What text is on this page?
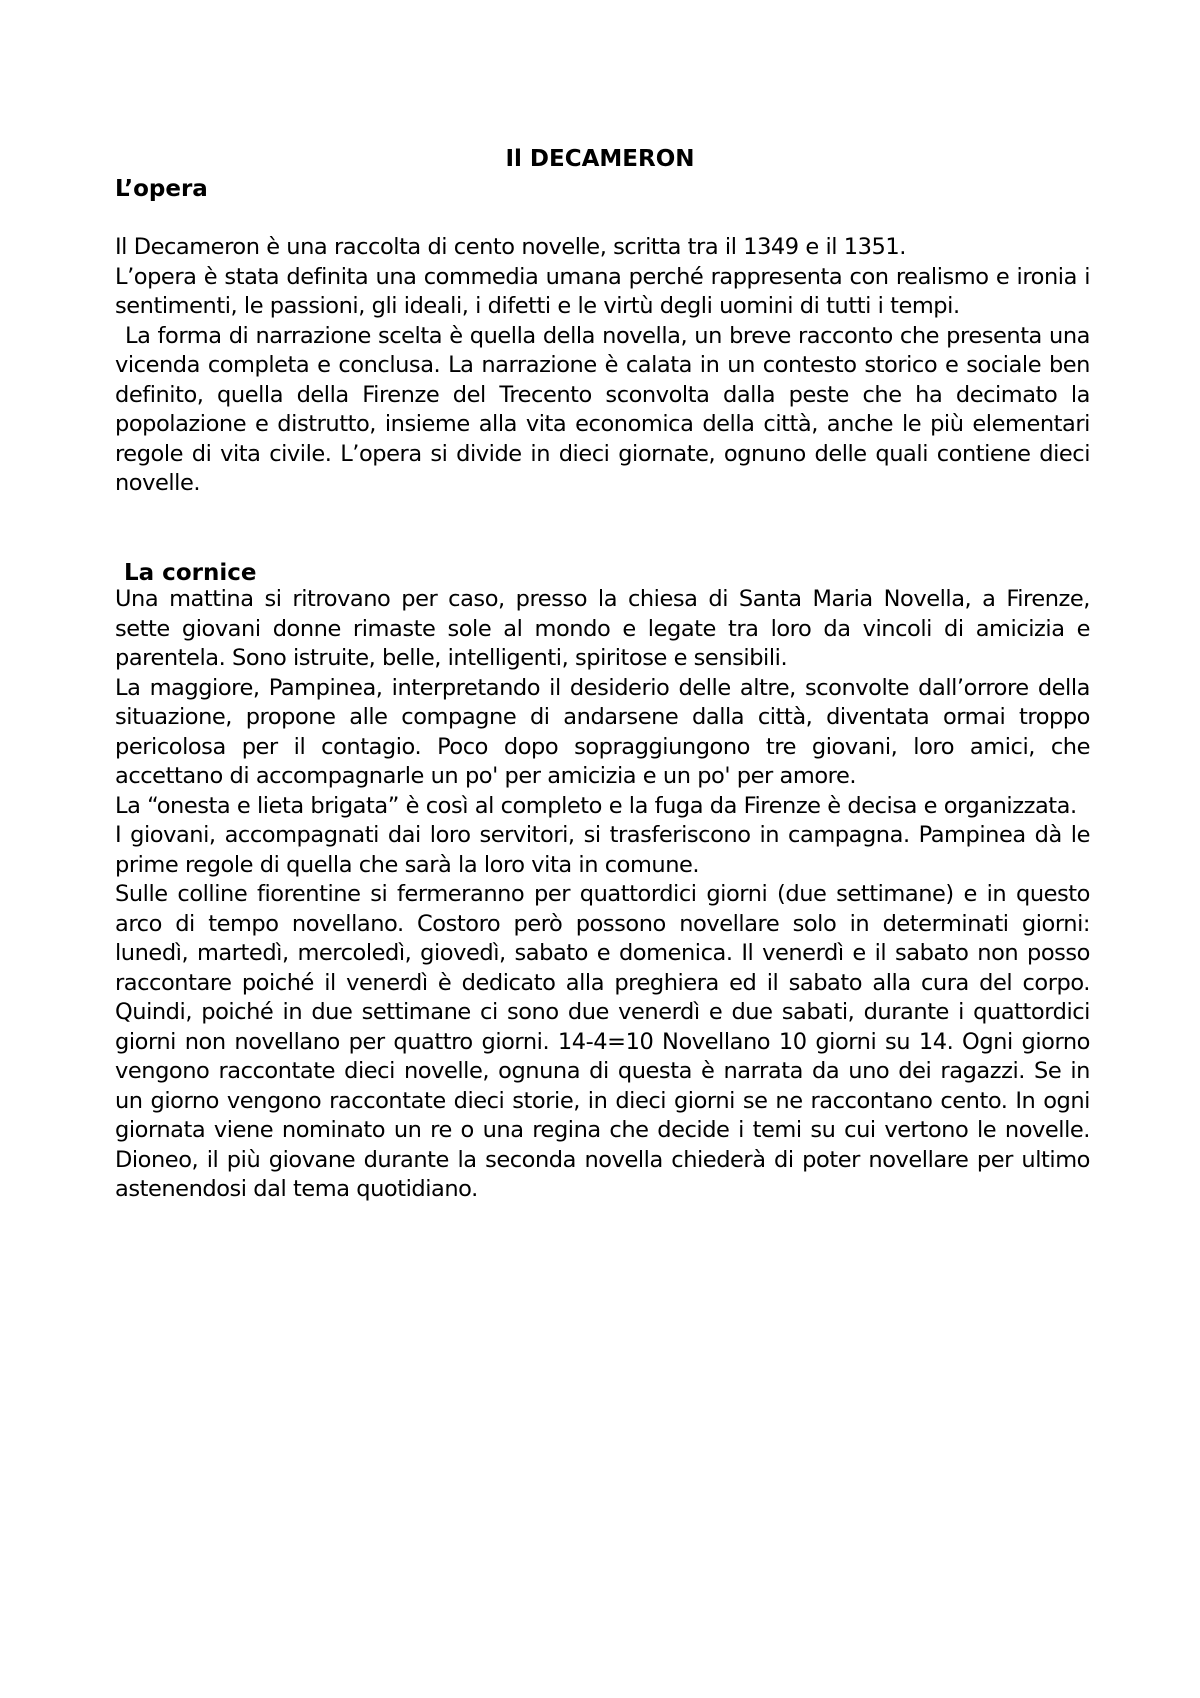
Il DECAMERON
L’opera

Il Decameron è una raccolta di cento novelle, scritta tra il 1349 e il 1351.

L’opera è stata definita una commedia umana perché rappresenta con realismo e ironia i sentimenti, le passioni, gli ideali, i difetti e le virtù degli uomini di tutti i tempi.

La forma di narrazione scelta è quella della novella, un breve racconto che presenta una vicenda completa e conclusa. La narrazione è calata in un contesto storico e sociale ben definito, quella della Firenze del Trecento sconvolta dalla peste che ha decimato la popolazione e distrutto, insieme alla vita economica della città, anche le più elementari regole di vita civile. L’opera si divide in dieci giornate, ognuno delle quali contiene dieci novelle.

La cornice

Una mattina si ritrovano per caso, presso la chiesa di Santa Maria Novella, a Firenze, sette giovani donne rimaste sole al mondo e legate tra loro da vincoli di amicizia e parentela. Sono istruite, belle, intelligenti, spiritose e sensibili.

La maggiore, Pampinea, interpretando il desiderio delle altre, sconvolte dall’orrore della situazione, propone alle compagne di andarsene dalla città, diventata ormai troppo pericolosa per il contagio. Poco dopo sopraggiungono tre giovani, loro amici, che accettano di accompagnarle un po' per amicizia e un po' per amore.

La “onesta e lieta brigata” è così al completo e la fuga da Firenze è decisa e organizzata.

I giovani, accompagnati dai loro servitori, si trasferiscono in campagna. Pampinea dà le prime regole di quella che sarà la loro vita in comune.

Sulle colline fiorentine si fermeranno per quattordici giorni (due settimane) e in questo arco di tempo novellano. Costoro però possono novellare solo in determinati giorni: lunedì, martedì, mercoledì, giovedì, sabato e domenica. Il venerdì e il sabato non posso raccontare poiché il venerdì è dedicato alla preghiera ed il sabato alla cura del corpo. Quindi, poiché in due settimane ci sono due venerdì e due sabati, durante i quattordici giorni non novellano per quattro giorni. 14-4=10 Novellano 10 giorni su 14. Ogni giorno vengono raccontate dieci novelle, ognuna di questa è narrata da uno dei ragazzi. Se in un giorno vengono raccontate dieci storie, in dieci giorni se ne raccontano cento. In ogni giornata viene nominato un re o una regina che decide i temi su cui vertono le novelle. Dioneo, il più giovane durante la seconda novella chiederà di poter novellare per ultimo astenendosi dal tema quotidiano.
